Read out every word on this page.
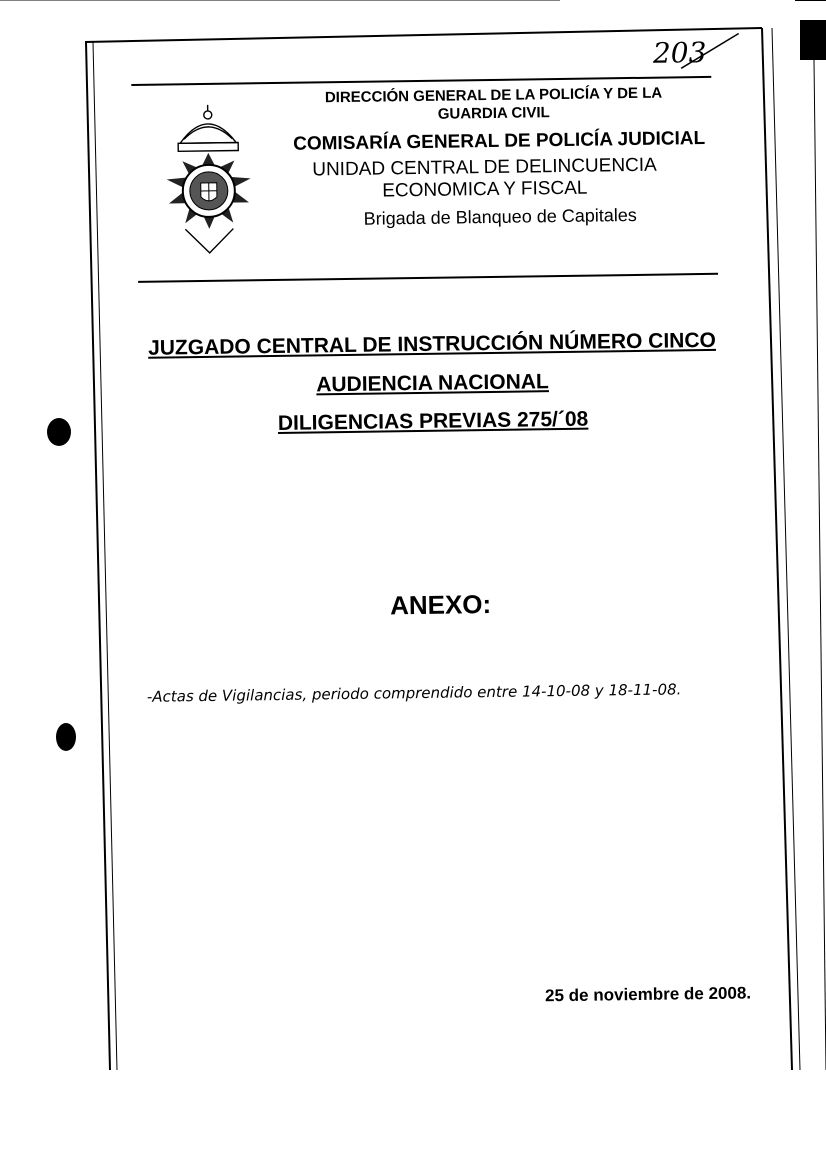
203
DIRECCIÓN GENERAL DE LA POLICÍA Y DE LA GUARDIA CIVIL
COMISARÍA GENERAL DE POLICÍA JUDICIAL
UNIDAD CENTRAL DE DELINCUENCIA ECONOMICA Y FISCAL
Brigada de Blanqueo de Capitales
JUZGADO CENTRAL DE INSTRUCCIÓN NÚMERO CINCO
AUDIENCIA NACIONAL
DILIGENCIAS PREVIAS 275/´08
ANEXO:
-Actas de Vigilancias, periodo comprendido entre 14-10-08 y 18-11-08.
25 de noviembre de 2008.
